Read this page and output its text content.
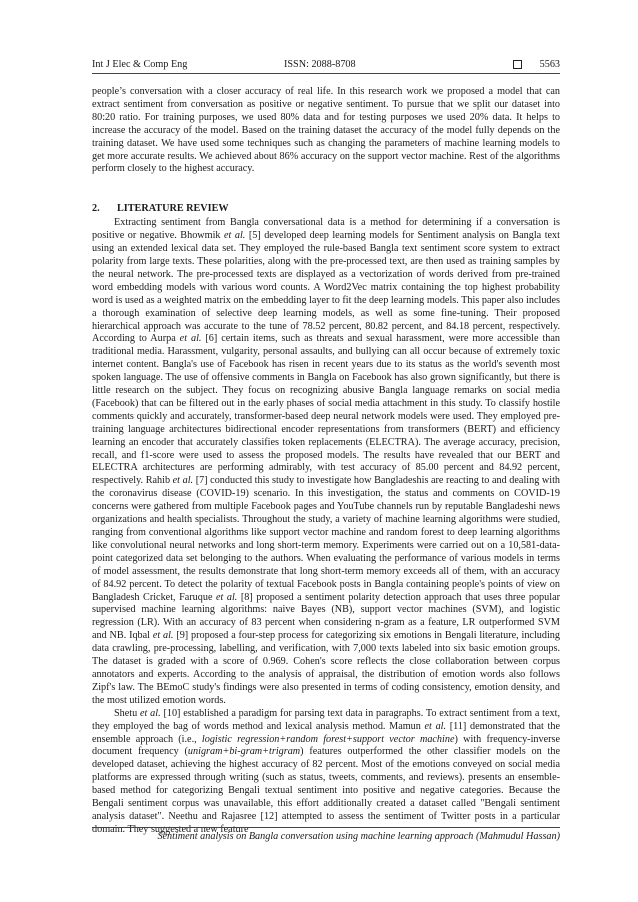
Int J Elec & Comp Eng	ISSN: 2088-8708	5563

people’s conversation with a closer accuracy of real life. In this research work we proposed a model that can extract sentiment from conversation as positive or negative sentiment. To pursue that we split our dataset into 80:20 ratio. For training purposes, we used 80% data and for testing purposes we used 20% data. It helps to increase the accuracy of the model. Based on the training dataset the accuracy of the model fully depends on the training dataset. We have used some techniques such as changing the parameters of machine learning models to get more accurate results. We achieved about 86% accuracy on the support vector machine. Rest of the algorithms perform closely to the highest accuracy.

2. LITERATURE REVIEW

Extracting sentiment from Bangla conversational data is a method for determining if a conversation is positive or negative. Bhowmik et al. [5] developed deep learning models for Sentiment analysis on Bangla text using an extended lexical data set. They employed the rule-based Bangla text sentiment score system to extract polarity from large texts. These polarities, along with the pre-processed text, are then used as training samples by the neural network. The pre-processed texts are displayed as a vectorization of words derived from pre-trained word embedding models with various word counts. A Word2Vec matrix containing the top highest probability word is used as a weighted matrix on the embedding layer to fit the deep learning models. This paper also includes a thorough examination of selective deep learning models, as well as some fine-tuning. Their proposed hierarchical approach was accurate to the tune of 78.52 percent, 80.82 percent, and 84.18 percent, respectively. According to Aurpa et al. [6] certain items, such as threats and sexual harassment, were more accessible than traditional media. Harassment, vulgarity, personal assaults, and bullying can all occur because of extremely toxic internet content. Bangla's use of Facebook has risen in recent years due to its status as the world's seventh most spoken language. The use of offensive comments in Bangla on Facebook has also grown significantly, but there is little research on the subject. They focus on recognizing abusive Bangla language remarks on social media (Facebook) that can be filtered out in the early phases of social media attachment in this study. To classify hostile comments quickly and accurately, transformer-based deep neural network models were used. They employed pre-training language architectures bidirectional encoder representations from transformers (BERT) and efficiency learning an encoder that accurately classifies token replacements (ELECTRA). The average accuracy, precision, recall, and f1-score were used to assess the proposed models. The results have revealed that our BERT and ELECTRA architectures are performing admirably, with test accuracy of 85.00 percent and 84.92 percent, respectively. Rahib et al. [7] conducted this study to investigate how Bangladeshis are reacting to and dealing with the coronavirus disease (COVID-19) scenario. In this investigation, the status and comments on COVID-19 concerns were gathered from multiple Facebook pages and YouTube channels run by reputable Bangladeshi news organizations and health specialists. Throughout the study, a variety of machine learning algorithms were studied, ranging from conventional algorithms like support vector machine and random forest to deep learning algorithms like convolutional neural networks and long short-term memory. Experiments were carried out on a 10,581-data-point categorized data set belonging to the authors. When evaluating the performance of various models in terms of model assessment, the results demonstrate that long short-term memory exceeds all of them, with an accuracy of 84.92 percent. To detect the polarity of textual Facebook posts in Bangla containing people's points of view on Bangladesh Cricket, Faruque et al. [8] proposed a sentiment polarity detection approach that uses three popular supervised machine learning algorithms: naive Bayes (NB), support vector machines (SVM), and logistic regression (LR). With an accuracy of 83 percent when considering n-gram as a feature, LR outperformed SVM and NB. Iqbal et al. [9] proposed a four-step process for categorizing six emotions in Bengali literature, including data crawling, pre-processing, labelling, and verification, with 7,000 texts labeled into six basic emotion groups. The dataset is graded with a score of 0.969. Cohen's score reflects the close collaboration between corpus annotators and experts. According to the analysis of appraisal, the distribution of emotion words also follows Zipf's law. The BEmoC study's findings were also presented in terms of coding consistency, emotion density, and the most utilized emotion words.

Shetu et al. [10] established a paradigm for parsing text data in paragraphs. To extract sentiment from a text, they employed the bag of words method and lexical analysis method. Mamun et al. [11] demonstrated that the ensemble approach (i.e., logistic regression+random forest+support vector machine) with frequency-inverse document frequency (unigram+bi-gram+trigram) features outperformed the other classifier models on the developed dataset, achieving the highest accuracy of 82 percent. Most of the emotions conveyed on social media platforms are expressed through writing (such as status, tweets, comments, and reviews). presents an ensemble-based method for categorizing Bengali textual sentiment into positive and negative categories. Because the Bengali sentiment corpus was unavailable, this effort additionally created a dataset called "Bengali sentiment analysis dataset". Neethu and Rajasree [12] attempted to assess the sentiment of Twitter posts in a particular domain. They suggested a new feature

Sentiment analysis on Bangla conversation using machine learning approach (Mahmudul Hassan)
